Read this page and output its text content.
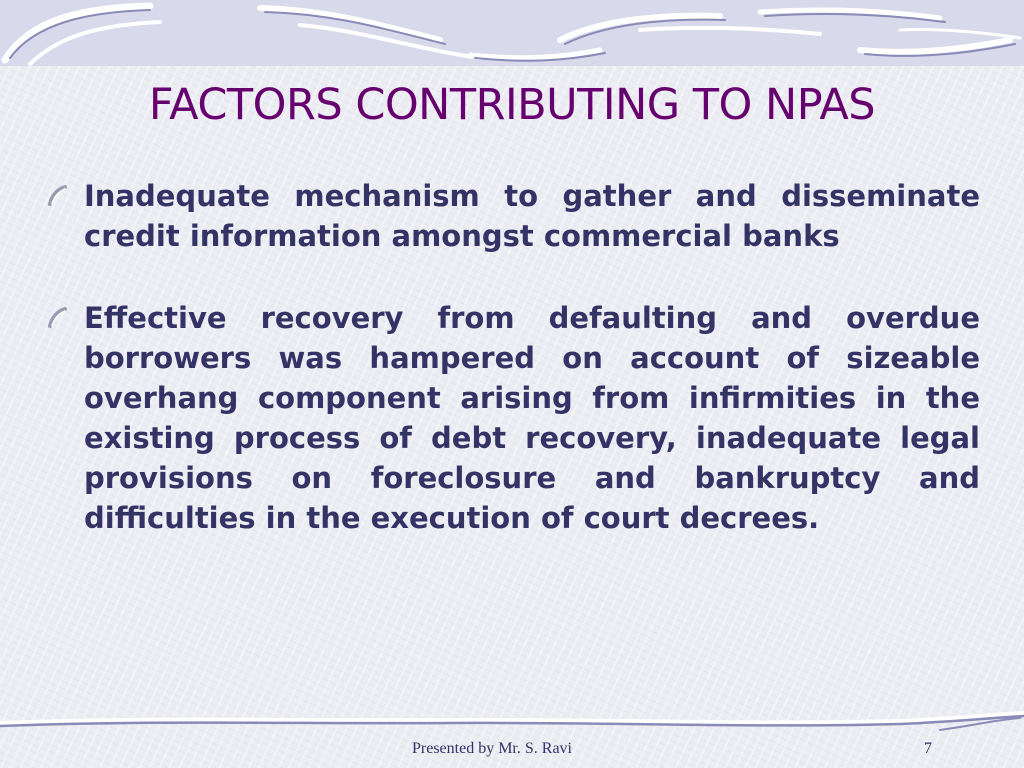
FACTORS CONTRIBUTING TO NPAS
Inadequate mechanism to gather and disseminate credit information amongst commercial banks
Effective recovery from defaulting and overdue borrowers was hampered on account of sizeable overhang component arising from infirmities in the existing process of debt recovery, inadequate legal provisions on foreclosure and bankruptcy and difficulties in the execution of court decrees.
Presented by Mr. S. Ravi	7
